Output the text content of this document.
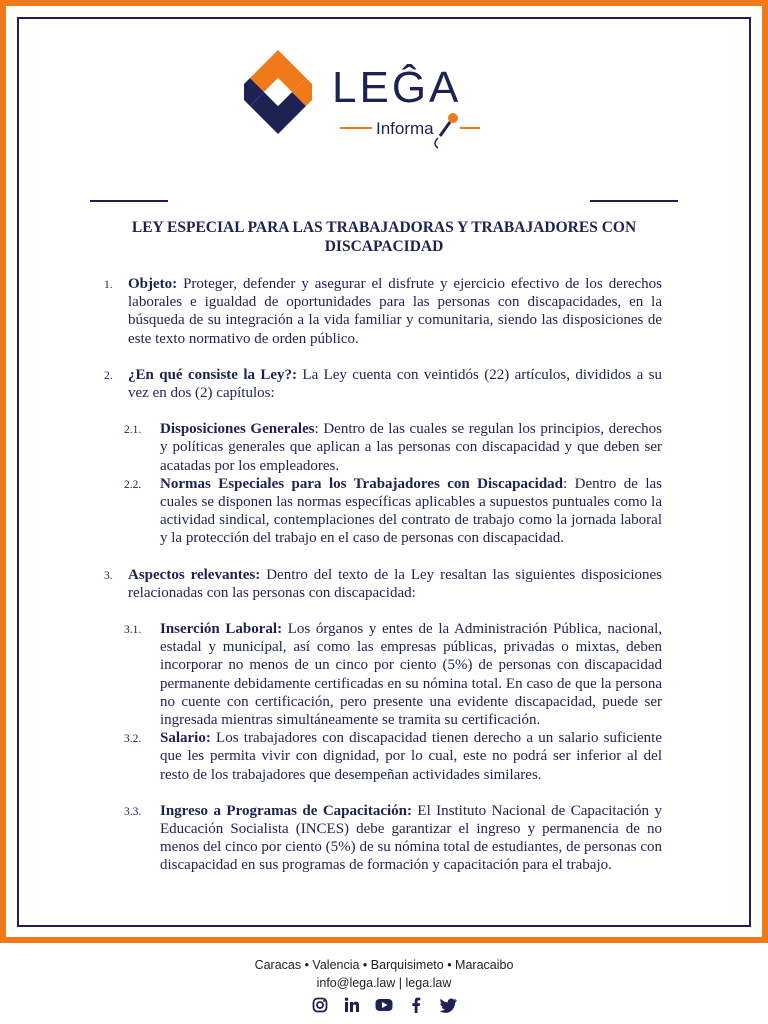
LEĜA
Informa
LEY ESPECIAL PARA LAS TRABAJADORAS Y TRABAJADORES CON DISCAPACIDAD
1. Objeto: Proteger, defender y asegurar el disfrute y ejercicio efectivo de los derechos laborales e igualdad de oportunidades para las personas con discapacidades, en la búsqueda de su integración a la vida familiar y comunitaria, siendo las disposiciones de este texto normativo de orden público.
2. ¿En qué consiste la Ley?: La Ley cuenta con veintidós (22) artículos, divididos a su vez en dos (2) capítulos:
2.1. Disposiciones Generales: Dentro de las cuales se regulan los principios, derechos y políticas generales que aplican a las personas con discapacidad y que deben ser acatadas por los empleadores.
2.2. Normas Especiales para los Trabajadores con Discapacidad: Dentro de las cuales se disponen las normas específicas aplicables a supuestos puntuales como la actividad sindical, contemplaciones del contrato de trabajo como la jornada laboral y la protección del trabajo en el caso de personas con discapacidad.
3. Aspectos relevantes: Dentro del texto de la Ley resaltan las siguientes disposiciones relacionadas con las personas con discapacidad:
3.1. Inserción Laboral: Los órganos y entes de la Administración Pública, nacional, estadal y municipal, así como las empresas públicas, privadas o mixtas, deben incorporar no menos de un cinco por ciento (5%) de personas con discapacidad permanente debidamente certificadas en su nómina total. En caso de que la persona no cuente con certificación, pero presente una evidente discapacidad, puede ser ingresada mientras simultáneamente se tramita su certificación.
3.2. Salario: Los trabajadores con discapacidad tienen derecho a un salario suficiente que les permita vivir con dignidad, por lo cual, este no podrá ser inferior al del resto de los trabajadores que desempeñan actividades similares.
3.3. Ingreso a Programas de Capacitación: El Instituto Nacional de Capacitación y Educación Socialista (INCES) debe garantizar el ingreso y permanencia de no menos del cinco por ciento (5%) de su nómina total de estudiantes, de personas con discapacidad en sus programas de formación y capacitación para el trabajo.
Caracas • Valencia • Barquisimeto • Maracaibo
info@lega.law | lega.law
